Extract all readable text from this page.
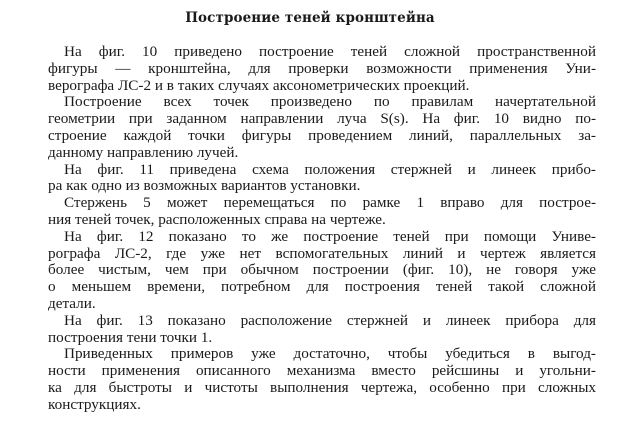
Построение теней кронштейна
На фиг. 10 приведено построение теней сложной пространственной
фигуры — кронштейна, для проверки возможности применения Уни-
верографа ЛС-2 и в таких случаях аксонометрических проекций.
Построение всех точек произведено по правилам начертательной
геометрии при заданном направлении луча S(s). На фиг. 10 видно по-
строение каждой точки фигуры проведением линий, параллельных за-
данному направлению лучей.
На фиг. 11 приведена схема положения стержней и линеек прибо-
ра как одно из возможных вариантов установки.
Стержень 5 может перемещаться по рамке 1 вправо для построе-
ния теней точек, расположенных справа на чертеже.
На фиг. 12 показано то же построение теней при помощи Униве-
рографа ЛС-2, где уже нет вспомогательных линий и чертеж является
более чистым, чем при обычном построении (фиг. 10), не говоря уже
о меньшем времени, потребном для построения теней такой сложной
детали.
На фиг. 13 показано расположение стержней и линеек прибора для
построения тени точки 1.
Приведенных примеров уже достаточно, чтобы убедиться в выгод-
ности применения описанного механизма вместо рейсшины и угольни-
ка для быстроты и чистоты выполнения чертежа, особенно при сложных
конструкциях.
